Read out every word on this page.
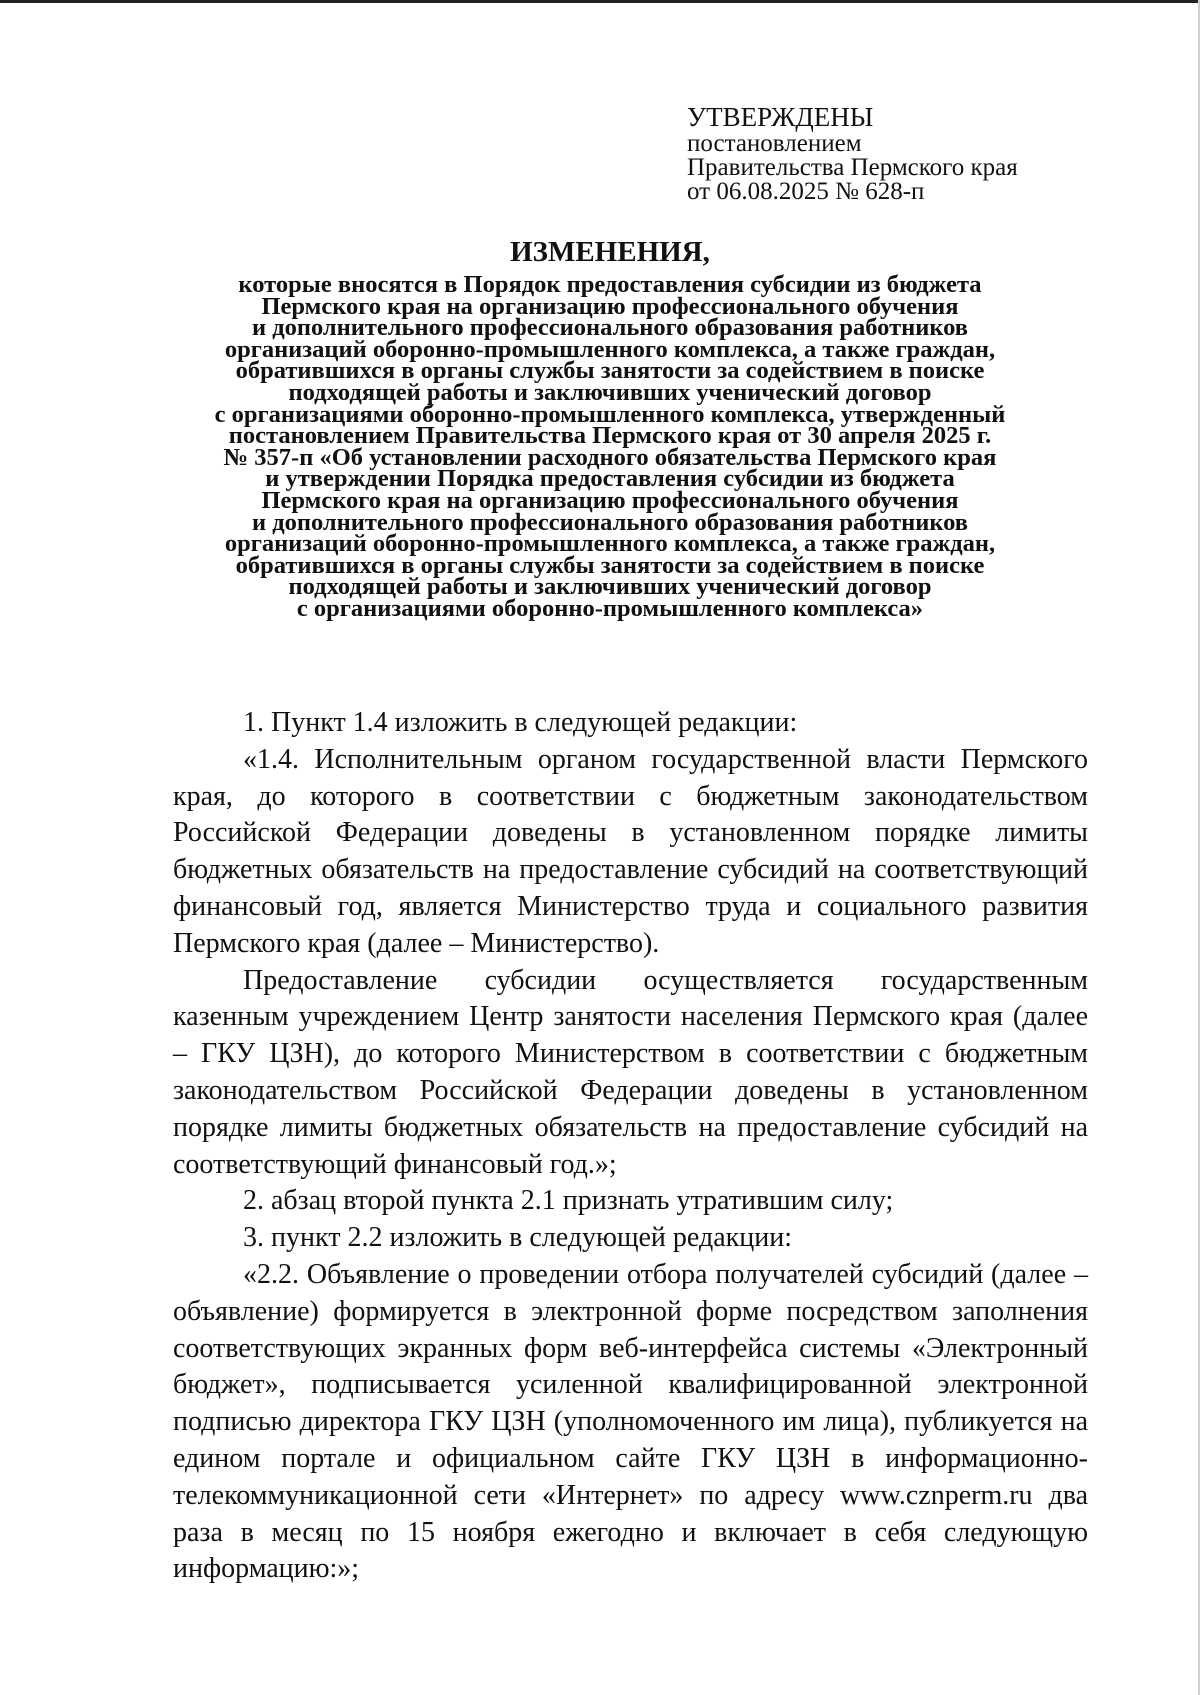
УТВЕРЖДЕНЫ
постановлением
Правительства Пермского края
от 06.08.2025 № 628-п
ИЗМЕНЕНИЯ,
которые вносятся в Порядок предоставления субсидии из бюджета
Пермского края на организацию профессионального обучения
и дополнительного профессионального образования работников
организаций оборонно-промышленного комплекса, а также граждан,
обратившихся в органы службы занятости за содействием в поиске
подходящей работы и заключивших ученический договор
с организациями оборонно-промышленного комплекса, утвержденный
постановлением Правительства Пермского края от 30 апреля 2025 г.
№ 357-п «Об установлении расходного обязательства Пермского края
и утверждении Порядка предоставления субсидии из бюджета
Пермского края на организацию профессионального обучения
и дополнительного профессионального образования работников
организаций оборонно-промышленного комплекса, а также граждан,
обратившихся в органы службы занятости за содействием в поиске
подходящей работы и заключивших ученический договор
с организациями оборонно-промышленного комплекса»

1. Пункт 1.4 изложить в следующей редакции:

«1.4. Исполнительным органом государственной власти Пермского края, до которого в соответствии с бюджетным законодательством Российской Федерации доведены в установленном порядке лимиты бюджетных обязательств на предоставление субсидий на соответствующий финансовый год, является Министерство труда и социального развития Пермского края (далее – Министерство).

Предоставление субсидии осуществляется государственным казенным учреждением Центр занятости населения Пермского края (далее – ГКУ ЦЗН), до которого Министерством в соответствии с бюджетным законодательством Российской Федерации доведены в установленном порядке лимиты бюджетных обязательств на предоставление субсидий на соответствующий финансовый год.»;

2. абзац второй пункта 2.1 признать утратившим силу;

3. пункт 2.2 изложить в следующей редакции:

«2.2. Объявление о проведении отбора получателей субсидий (далее – объявление) формируется в электронной форме посредством заполнения соответствующих экранных форм веб-интерфейса системы «Электронный бюджет», подписывается усиленной квалифицированной электронной подписью директора ГКУ ЦЗН (уполномоченного им лица), публикуется на едином портале и официальном сайте ГКУ ЦЗН в информационно-телекоммуникационной сети «Интернет» по адресу www.cznperm.ru два раза в месяц по 15 ноября ежегодно и включает в себя следующую информацию:»;
